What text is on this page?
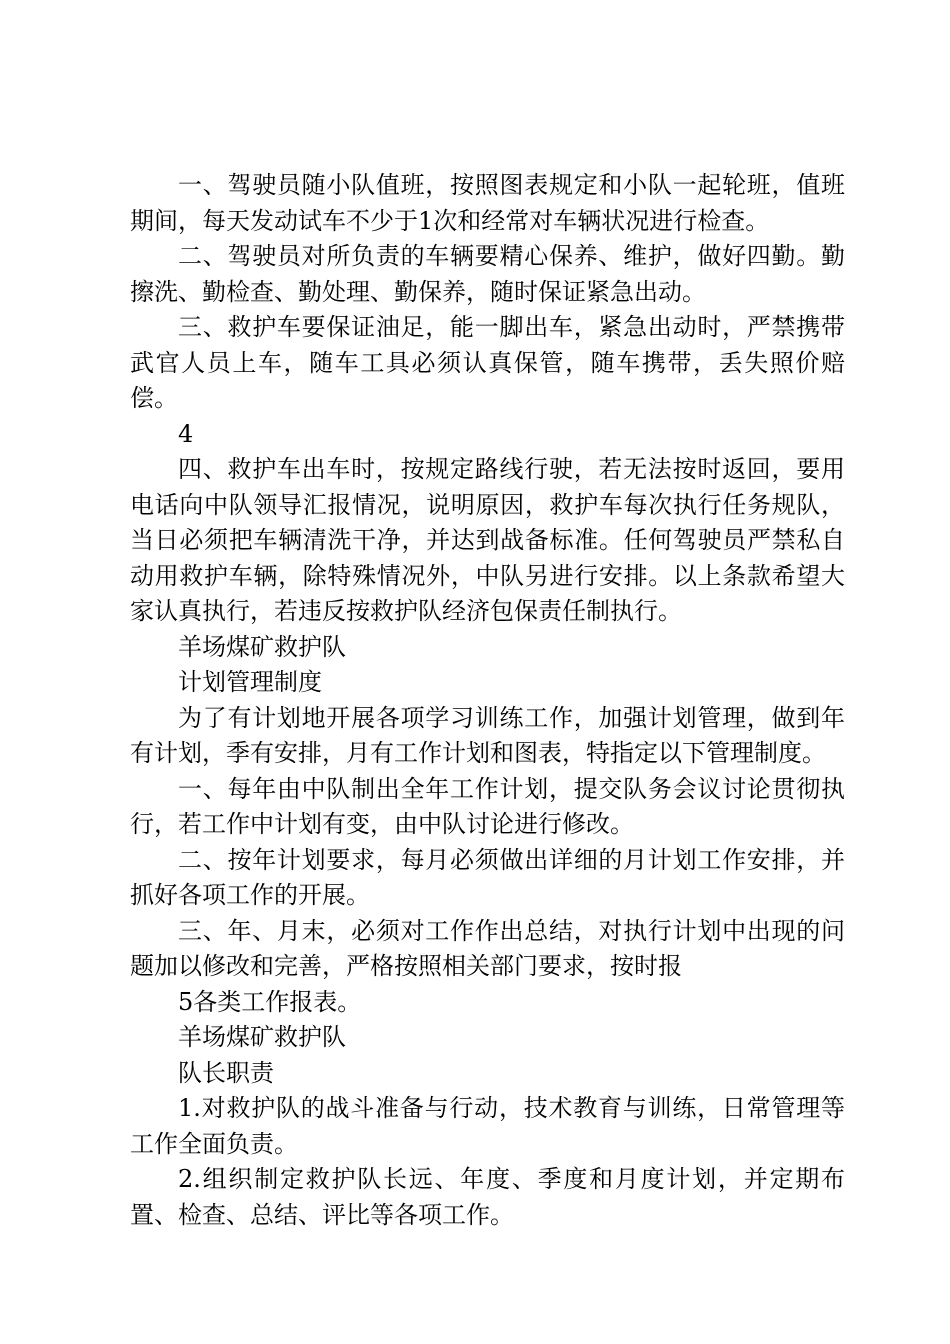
一、驾驶员随小队值班，按照图表规定和小队一起轮班，值班期间，每天发动试车不少于1次和经常对车辆状况进行检查。

二、驾驶员对所负责的车辆要精心保养、维护，做好四勤。勤擦洗、勤检查、勤处理、勤保养，随时保证紧急出动。

三、救护车要保证油足，能一脚出车，紧急出动时，严禁携带武官人员上车，随车工具必须认真保管，随车携带，丢失照价赔偿。

4

四、救护车出车时，按规定路线行驶，若无法按时返回，要用电话向中队领导汇报情况，说明原因，救护车每次执行任务规队，当日必须把车辆清洗干净，并达到战备标准。任何驾驶员严禁私自动用救护车辆，除特殊情况外，中队另进行安排。以上条款希望大家认真执行，若违反按救护队经济包保责任制执行。

羊场煤矿救护队

计划管理制度

为了有计划地开展各项学习训练工作，加强计划管理，做到年有计划，季有安排，月有工作计划和图表，特指定以下管理制度。

一、每年由中队制出全年工作计划，提交队务会议讨论贯彻执行，若工作中计划有变，由中队讨论进行修改。

二、按年计划要求，每月必须做出详细的月计划工作安排，并抓好各项工作的开展。

三、年、月末，必须对工作作出总结，对执行计划中出现的问题加以修改和完善，严格按照相关部门要求，按时报

5各类工作报表。

羊场煤矿救护队

队长职责

1.对救护队的战斗准备与行动，技术教育与训练，日常管理等工作全面负责。

2.组织制定救护队长远、年度、季度和月度计划，并定期布置、检查、总结、评比等各项工作。
